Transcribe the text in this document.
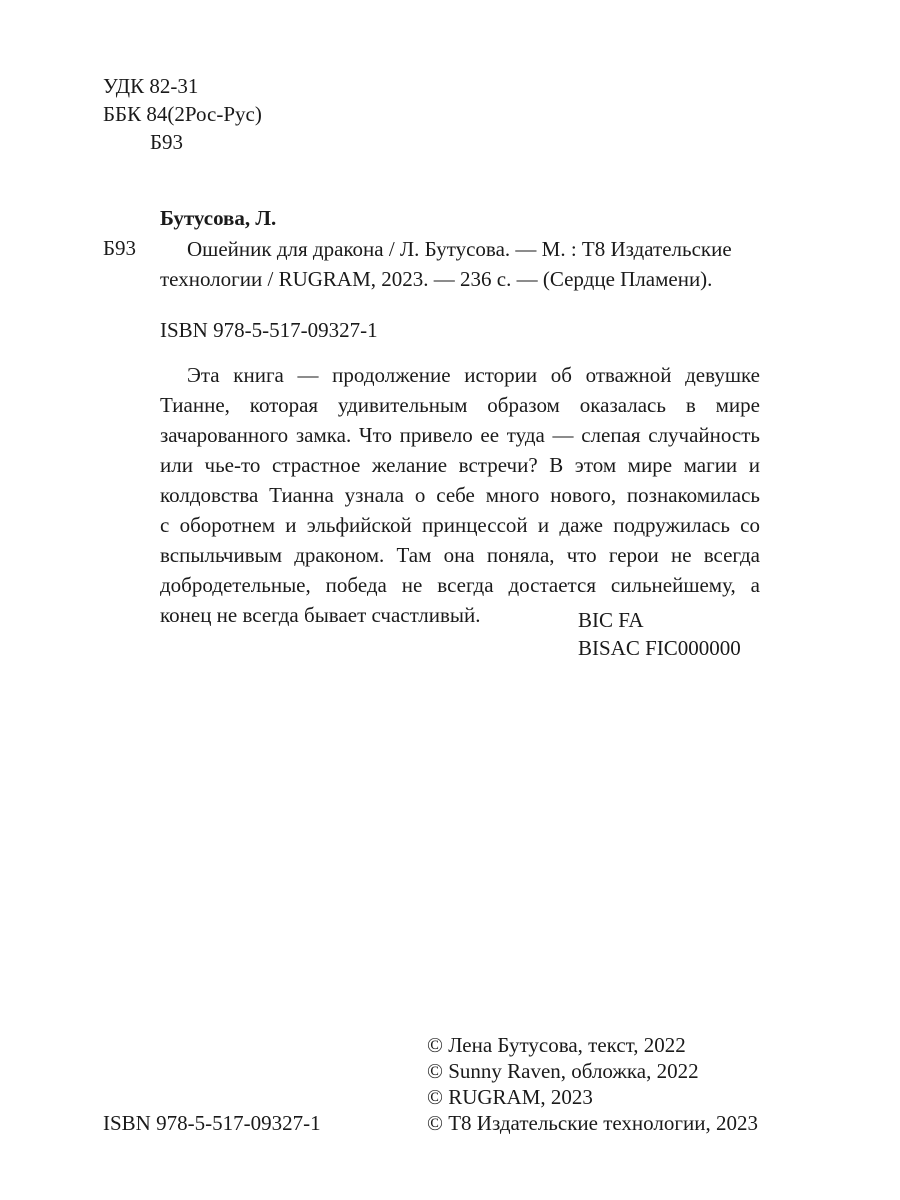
УДК 82-31
ББК 84(2Рос-Рус)
Б93
Бутусова, Л.
Б93	Ошейник для дракона / Л. Бутусова. — М. : Т8 Издательские
технологии / RUGRAM, 2023. — 236 с. — (Сердце Пламени).
ISBN 978-5-517-09327-1
Эта книга — продолжение истории об отважной девушке
Тианне, которая удивительным образом оказалась в мире
зачарованного замка. Что привело ее туда — слепая случайность
или чье-то страстное желание встречи? В этом мире магии и
колдовства Тианна узнала о себе много нового, познакомилась
с оборотнем и эльфийской принцессой и даже подружилась со
вспыльчивым драконом. Там она поняла, что герои не всегда
добродетельные, победа не всегда достается сильнейшему, а
конец не всегда бывает счастливый.	BIC FA
BISAC FIC000000
© Лена Бутусова, текст, 2022
© Sunny Raven, обложка, 2022
© RUGRAM, 2023
© Т8 Издательские технологии, 2023
ISBN 978-5-517-09327-1
